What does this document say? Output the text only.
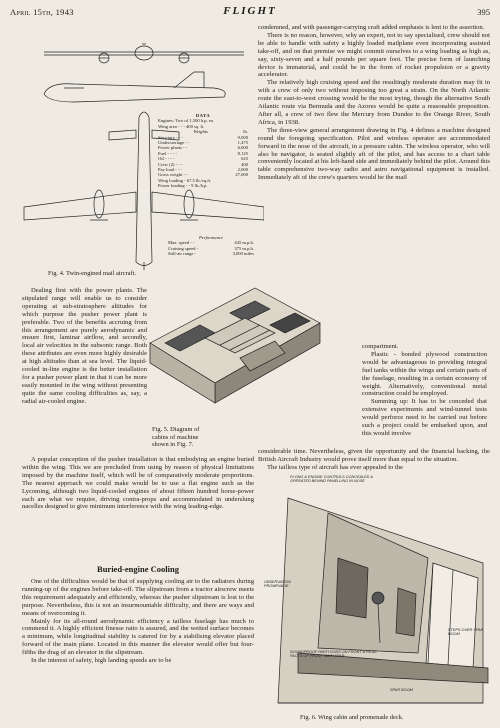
April 15th, 1943	FLIGHT	395
DATA
Engines: Two of 1,500 h.p. ea.
Wing area - - - 400 sq. ft.
Weights	lb.
Structure - - -	9,000
Undercarriage - -	1,475
Power plants - -	6,000
Fuel - - - -	8,125
Oil - - - -	625
Crew (2) - - -	400
Pay load - - -	2,000
Gross weight - -	27,000
Wing loading - 67.5 lb./sq.ft.
Power loading - - 9 lb./h.p.
Performance
Max. speed - -	445 m.p.h.
Cruising speed -	375 m.p.h.
Still-air range -	3,000 miles
Fig. 4. Twin-engined mail aircraft.

condemned, and with passenger-carrying craft added emphasis is lent to the assertion.

There is no reason, however, why an expert, not to say specialised, crew should not be able to handle with safety a highly loaded mailplane even incorporating assisted take-off, and on that premise we might commit ourselves to a wing loading as high as, say, sixty-seven and a half pounds per square foot. The precise form of launching device is immaterial, and could be in the form of rocket propulsion or a gravity accelerator.

The relatively high cruising speed and the resultingly moderate duration may fit in with a crew of only two without imposing too great a strain. On the North Atlantic route the east-to-west crossing would be the most trying, though the alternative South Atlantic route via Bermuda and the Azores would be quite a reasonable proposition. After all, a crew of two flew the Mercury from Dundee to the Orange River, South Africa, in 1938.

The three-view general arrangement drawing in Fig. 4 defines a machine designed round the foregoing specification. Pilot and wireless operator are accommodated forward in the nose of the aircraft, in a pressure cabin. The wireless operator, who will also be navigator, is seated slightly aft of the pilot, and has access to a chart table conveniently located at his left-hand side and immediately behind the pilot. Around this table comprehensive two-way radio and astro navigational equipment is installed. Immediately aft of the crew's quarters would be the mail

Fig. 5. Diagram of cabins of machine shown in Fig. 7.

Dealing first with the power plants. The stipulated range will enable us to consider operating at sub-stratosphere altitudes for which purpose the pusher power plant is preferable. Two of the benefits accruing from this arrangement are purely aerodynamic and ensure first, laminar airflow, and secondly, local air velocities in the subsonic range. Both these attributes are even more highly desirable at high altitudes than at sea level. The liquid-cooled in-line engine is the better installation for a pusher power plant in that it can be more easily mounted in the wing without presenting quite the same cooling difficulties as, say, a radial air-cooled engine.

compartment.

Plastic - bonded plywood construction would be advantageous in providing integral fuel tanks within the wings and certain parts of the fuselage, resulting in a certain economy of weight. Alternatively, conventional metal construction could be employed.

Summing up: It has to be conceded that extensive experiments and wind-tunnel tests would perforce need to be carried out before such a project could be embarked upon, and this would involve

considerable time. Nevertheless, given the opportunity and the financial backing, the British Aircraft Industry would prove itself more than equal to the situation.

The tailless type of aircraft has ever appealed to the

A popular conception of the pusher installation is that embodying an engine buried within the wing. This we are precluded from using by reason of physical limitations imposed by the machine itself, which will be of comparatively moderate proportions. The nearest approach we could make would be to use a flat engine such as the Lycoming, although two liquid-cooled engines of about fifteen hundred horse-power each are what we require, driving contra-props and accommodated in underslung nacelles designed to give minimum interference with the wing leading-edge.

Buried-engine Cooling

One of the difficulties would be that of supplying cooling air to the radiators during running-up of the engines before take-off. The slipstream from a tractor airscrew meets this requirement adequately and efficiently, whereas the pusher slipstream is lost to the purpose. Nevertheless, this is not an insurmountable difficulty, and there are ways and means of overcoming it.

Mainly for its all-round aerodynamic efficiency a tailless fuselage has much to commend it. A highly efficient finesse ratio is assured, and the wetted surface becomes a minimum, while longitudinal stability is catered for by a stabilising elevator placed forward of the main plane. Located in this manner the elevator would offer but four-fifths the drag of an elevator in the slipstream.

In the interest of safety, high landing speeds are to be

FLYING & ENGINE CONTROLS CONCEALED & OPERATED BEHIND PANELLING IN NOSE
OBSERVATION PROMENADE
SOUNDPROOF PARTITIONS ON FRONT & REAR FACES OF FRONT MAIN SPAR
SPAR BOOM
STEPS OVER SPAR BOOM
Fig. 6. Wing cabin and promenade deck.
